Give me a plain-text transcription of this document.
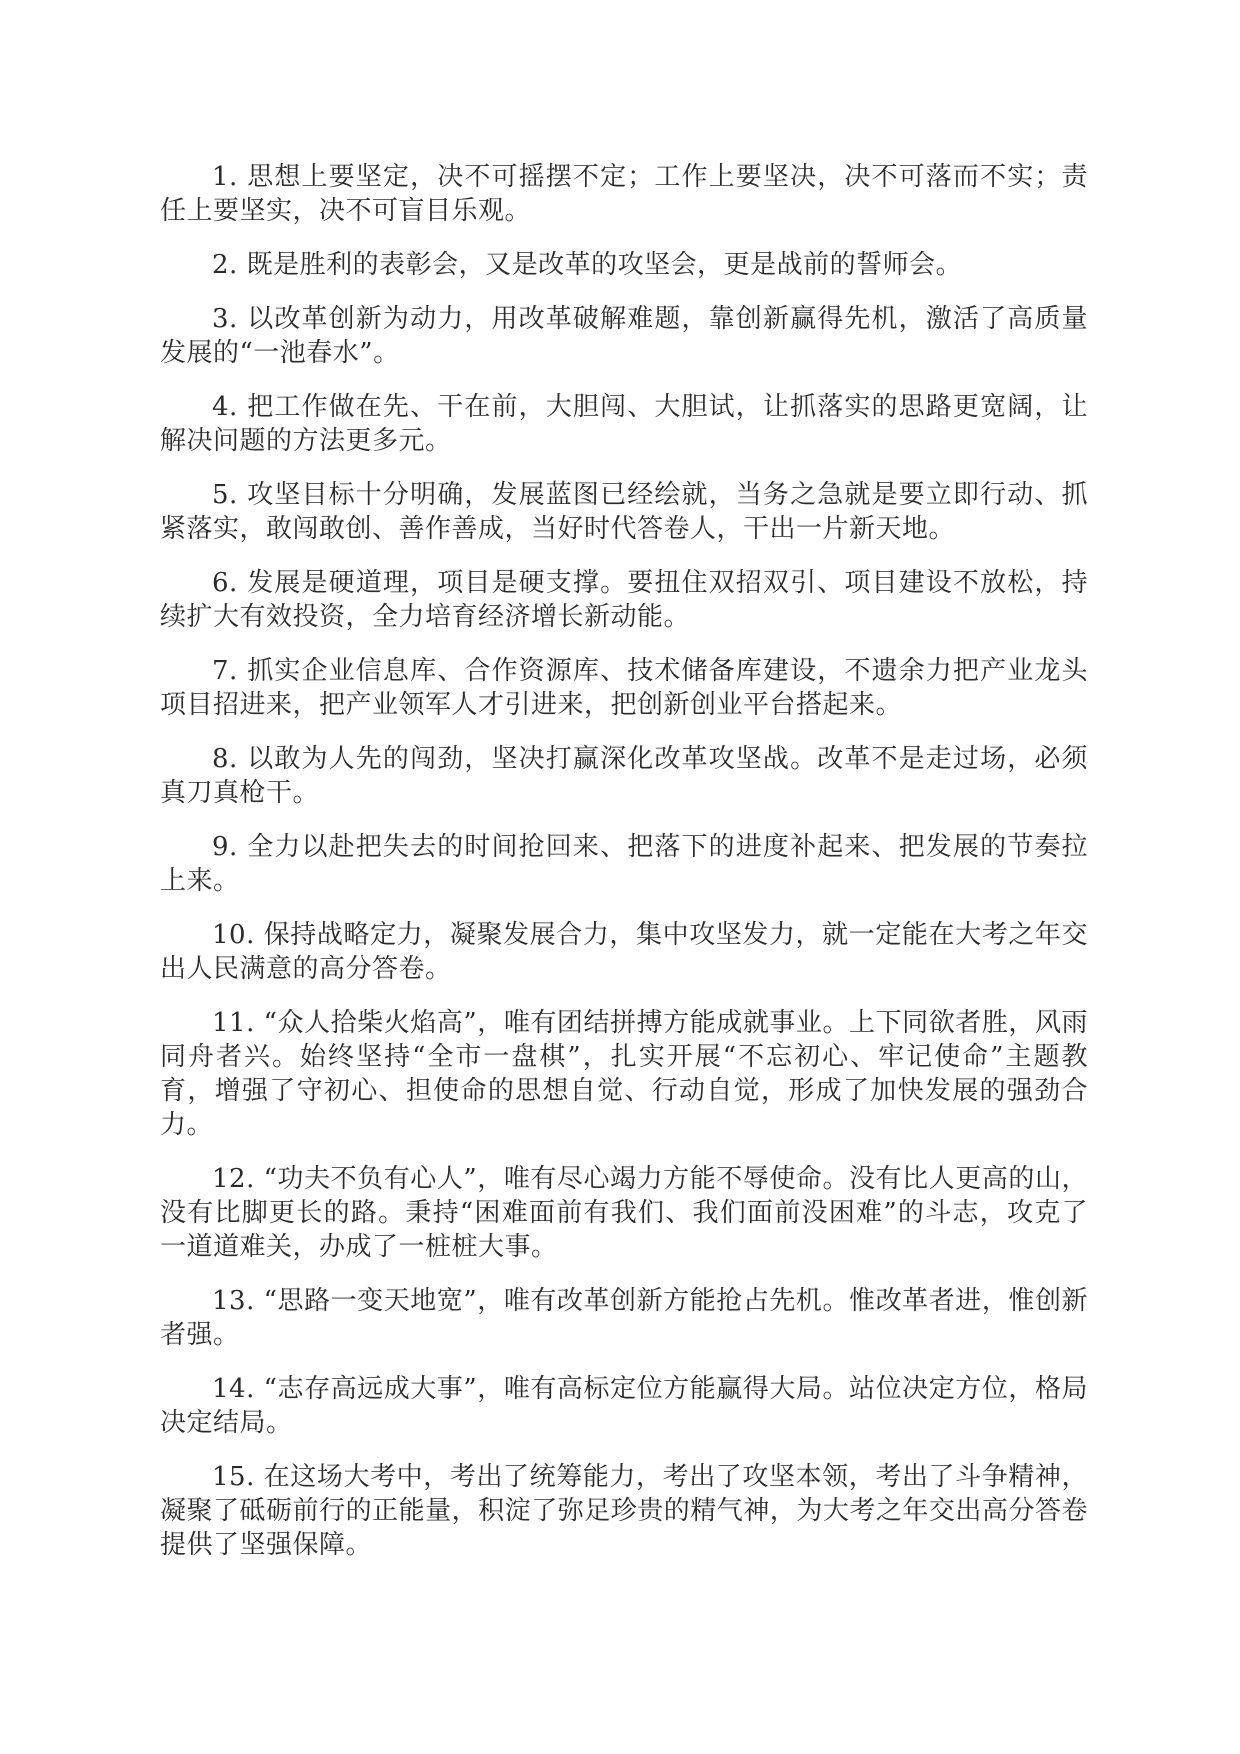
1. 思想上要坚定，决不可摇摆不定；工作上要坚决，决不可落而不实；责任上要坚实，决不可盲目乐观。

2. 既是胜利的表彰会，又是改革的攻坚会，更是战前的誓师会。

3. 以改革创新为动力，用改革破解难题，靠创新赢得先机，激活了高质量发展的“一池春水”。

4. 把工作做在先、干在前，大胆闯、大胆试，让抓落实的思路更宽阔，让解决问题的方法更多元。

5. 攻坚目标十分明确，发展蓝图已经绘就，当务之急就是要立即行动、抓紧落实，敢闯敢创、善作善成，当好时代答卷人，干出一片新天地。

6. 发展是硬道理，项目是硬支撑。要扭住双招双引、项目建设不放松，持续扩大有效投资，全力培育经济增长新动能。

7. 抓实企业信息库、合作资源库、技术储备库建设，不遗余力把产业龙头项目招进来，把产业领军人才引进来，把创新创业平台搭起来。

8. 以敢为人先的闯劲，坚决打赢深化改革攻坚战。改革不是走过场，必须真刀真枪干。

9. 全力以赴把失去的时间抢回来、把落下的进度补起来、把发展的节奏拉上来。

10. 保持战略定力，凝聚发展合力，集中攻坚发力，就一定能在大考之年交出人民满意的高分答卷。

11. “众人拾柴火焰高”，唯有团结拼搏方能成就事业。上下同欲者胜，风雨同舟者兴。始终坚持“全市一盘棋”，扎实开展“不忘初心、牢记使命”主题教育，增强了守初心、担使命的思想自觉、行动自觉，形成了加快发展的强劲合力。

12. “功夫不负有心人”，唯有尽心竭力方能不辱使命。没有比人更高的山，没有比脚更长的路。秉持“困难面前有我们、我们面前没困难”的斗志，攻克了一道道难关，办成了一桩桩大事。

13. “思路一变天地宽”，唯有改革创新方能抢占先机。惟改革者进，惟创新者强。

14. “志存高远成大事”，唯有高标定位方能赢得大局。站位决定方位，格局决定结局。

15. 在这场大考中，考出了统筹能力，考出了攻坚本领，考出了斗争精神，凝聚了砥砺前行的正能量，积淀了弥足珍贵的精气神，为大考之年交出高分答卷提供了坚强保障。
